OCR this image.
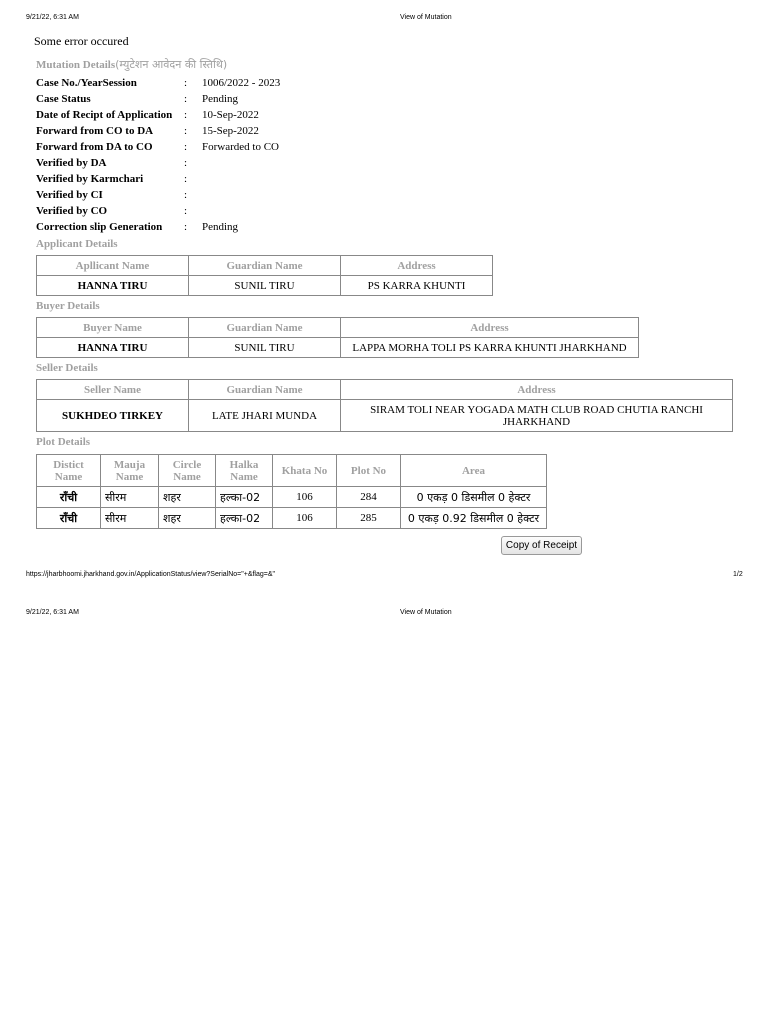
9/21/22, 6:31 AM	View of Mutation
Some error occured
Mutation Details(म्युटेशन आवेदन की स्तिथि)
Case No./YearSession	: 1006/2022 - 2023
Case Status	: Pending
Date of Recipt of Application : 10-Sep-2022
Forward from CO to DA	: 15-Sep-2022
Forward from DA to CO	: Forwarded to CO
Verified by DA	:
Verified by Karmchari	:
Verified by CI	:
Verified by CO	:
Correction slip Generation : Pending
Applicant Details
Apllicant Name	Guardian Name	Address
HANNA TIRU	SUNIL TIRU	PS KARRA KHUNTI
Buyer Details
Buyer Name	Guardian Name	Address
HANNA TIRU	SUNIL TIRU	LAPPA MORHA TOLI PS KARRA KHUNTI JHARKHAND
Seller Details
Seller Name	Guardian Name	Address
SUKHDEO TIRKEY	LATE JHARI MUNDA	SIRAM TOLI NEAR YOGADA MATH CLUB ROAD CHUTIA RANCHI JHARKHAND
Plot Details
Distict Name	Mauja Name	Circle Name	Halka Name	Khata No	Plot No	Area
राँची	सीरम	शहर	हल्का-02	106	284	0 एकड़ 0 डिसमील 0 हेक्टर
राँची	सीरम	शहर	हल्का-02	106	285	0 एकड़ 0.92 डिसमील 0 हेक्टर
Copy of Receipt
https://jharbhoomi.jharkhand.gov.in/ApplicationStatus/view?SerialNo="+&flag=&"	1/2
9/21/22, 6:31 AM	View of Mutation
